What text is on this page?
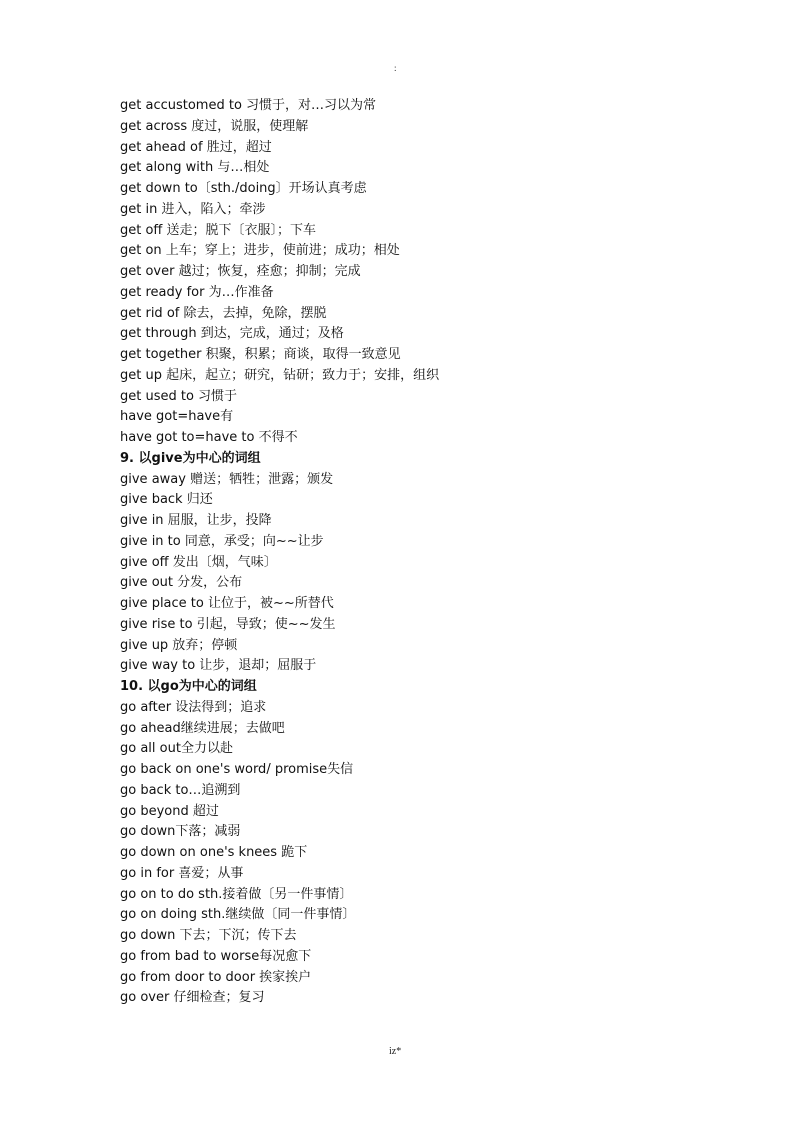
:
get accustomed to 习惯于，对…习以为常
get across 度过，说服，使理解
get ahead of 胜过，超过
get along with 与…相处
get down to〔sth./doing〕开场认真考虑
get in 进入，陷入；牵涉
get off 送走；脱下〔衣服〕；下车
get on 上车；穿上；进步，使前进；成功；相处
get over 越过；恢复，痊愈；抑制；完成
get ready for 为…作准备
get rid of 除去，去掉，免除，摆脱
get through 到达，完成，通过；及格
get together 积聚，积累；商谈，取得一致意见
get up 起床，起立；研究，钻研；致力于；安排，组织
get used to 习惯于
have got=have有
have got to=have to 不得不
9. 以give为中心的词组
give away 赠送；牺牲；泄露；颁发
give back 归还
give in 屈服，让步，投降
give in to 同意，承受；向~~让步
give off 发出〔烟，气味〕
give out 分发，公布
give place to 让位于，被~~所替代
give rise to 引起，导致；使~~发生
give up 放弃；停顿
give way to 让步，退却；屈服于
10. 以go为中心的词组
go after 设法得到；追求
go ahead继续进展；去做吧
go all out全力以赴
go back on one's word/ promise失信
go back to…追溯到
go beyond 超过
go down下落；减弱
go down on one's knees 跪下
go in for 喜爱；从事
go on to do sth.接着做〔另一件事情〕
go on doing sth.继续做〔同一件事情〕
go down 下去；下沉；传下去
go from bad to worse每况愈下
go from door to door 挨家挨户
go over 仔细检查；复习
iz*
